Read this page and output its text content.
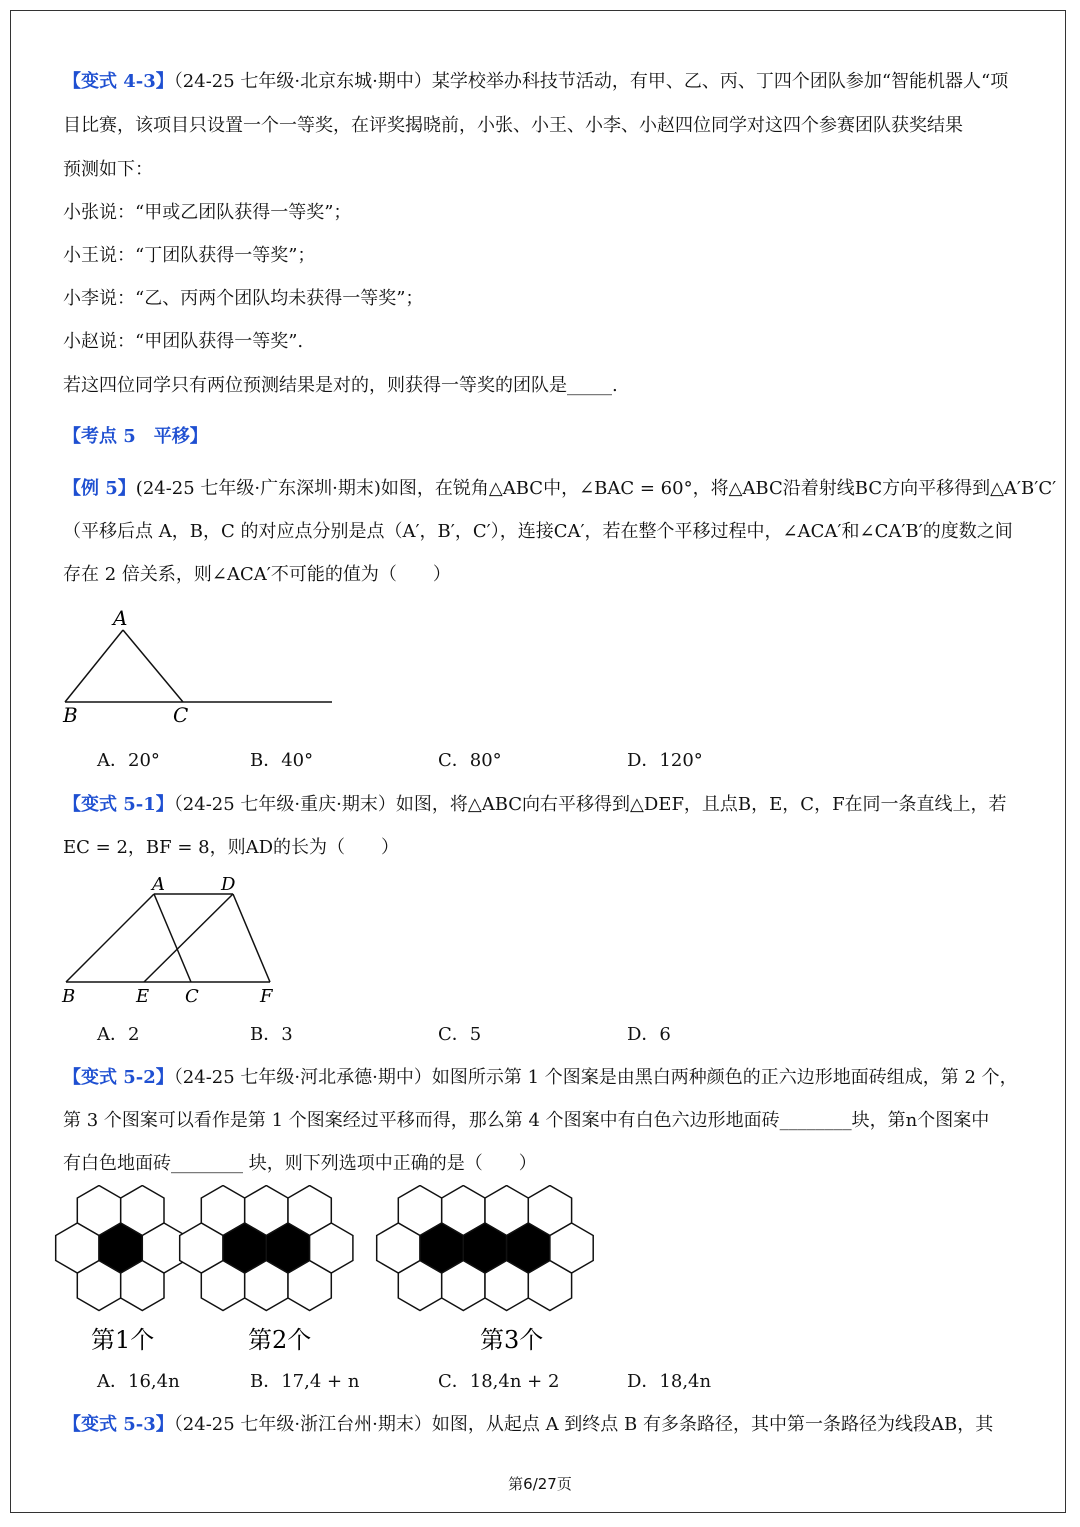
【变式 4-3】（24-25 七年级·北京东城·期中）某学校举办科技节活动，有甲、乙、丙、丁四个团队参加“智能机器人“项
目比赛，该项目只设置一个一等奖，在评奖揭晓前，小张、小王、小李、小赵四位同学对这四个参赛团队获奖结果
预测如下：
小张说：“甲或乙团队获得一等奖”；
小王说：“丁团队获得一等奖”；
小李说：“乙、丙两个团队均未获得一等奖”；
小赵说：“甲团队获得一等奖”.
若这四位同学只有两位预测结果是对的，则获得一等奖的团队是_____.
【考点 5　平移】
【例 5】(24-25 七年级·广东深圳·期末)如图，在锐角△ABC中，∠BAC = 60°，将△ABC沿着射线BC方向平移得到△A′B′C′
（平移后点 A，B，C 的对应点分别是点（A′，B′，C′），连接CA′，若在整个平移过程中，∠ACA′和∠CA′B′的度数之间
存在 2 倍关系，则∠ACA′不可能的值为（　　）
A
B	C
A．20°	B．40°	C．80°	D．120°
【变式 5-1】（24-25 七年级·重庆·期末）如图，将△ABC向右平移得到△DEF，且点B，E，C，F在同一条直线上，若
EC = 2，BF = 8，则AD的长为（　　）
A	D
B	E C	F
A．2	B．3	C．5	D．6
【变式 5-2】（24-25 七年级·河北承德·期中）如图所示第 1 个图案是由黑白两种颜色的正六边形地面砖组成，第 2 个，
第 3 个图案可以看作是第 1 个图案经过平移而得，那么第 4 个图案中有白色六边形地面砖________块，第n个图案中
有白色地面砖________ 块，则下列选项中正确的是（　　）
第1个	第2个	第3个
A．16,4n	B．17,4 + n	C．18,4n + 2	D．18,4n
【变式 5-3】（24-25 七年级·浙江台州·期末）如图，从起点 A 到终点 B 有多条路径，其中第一条路径为线段AB，其
第6/27页
